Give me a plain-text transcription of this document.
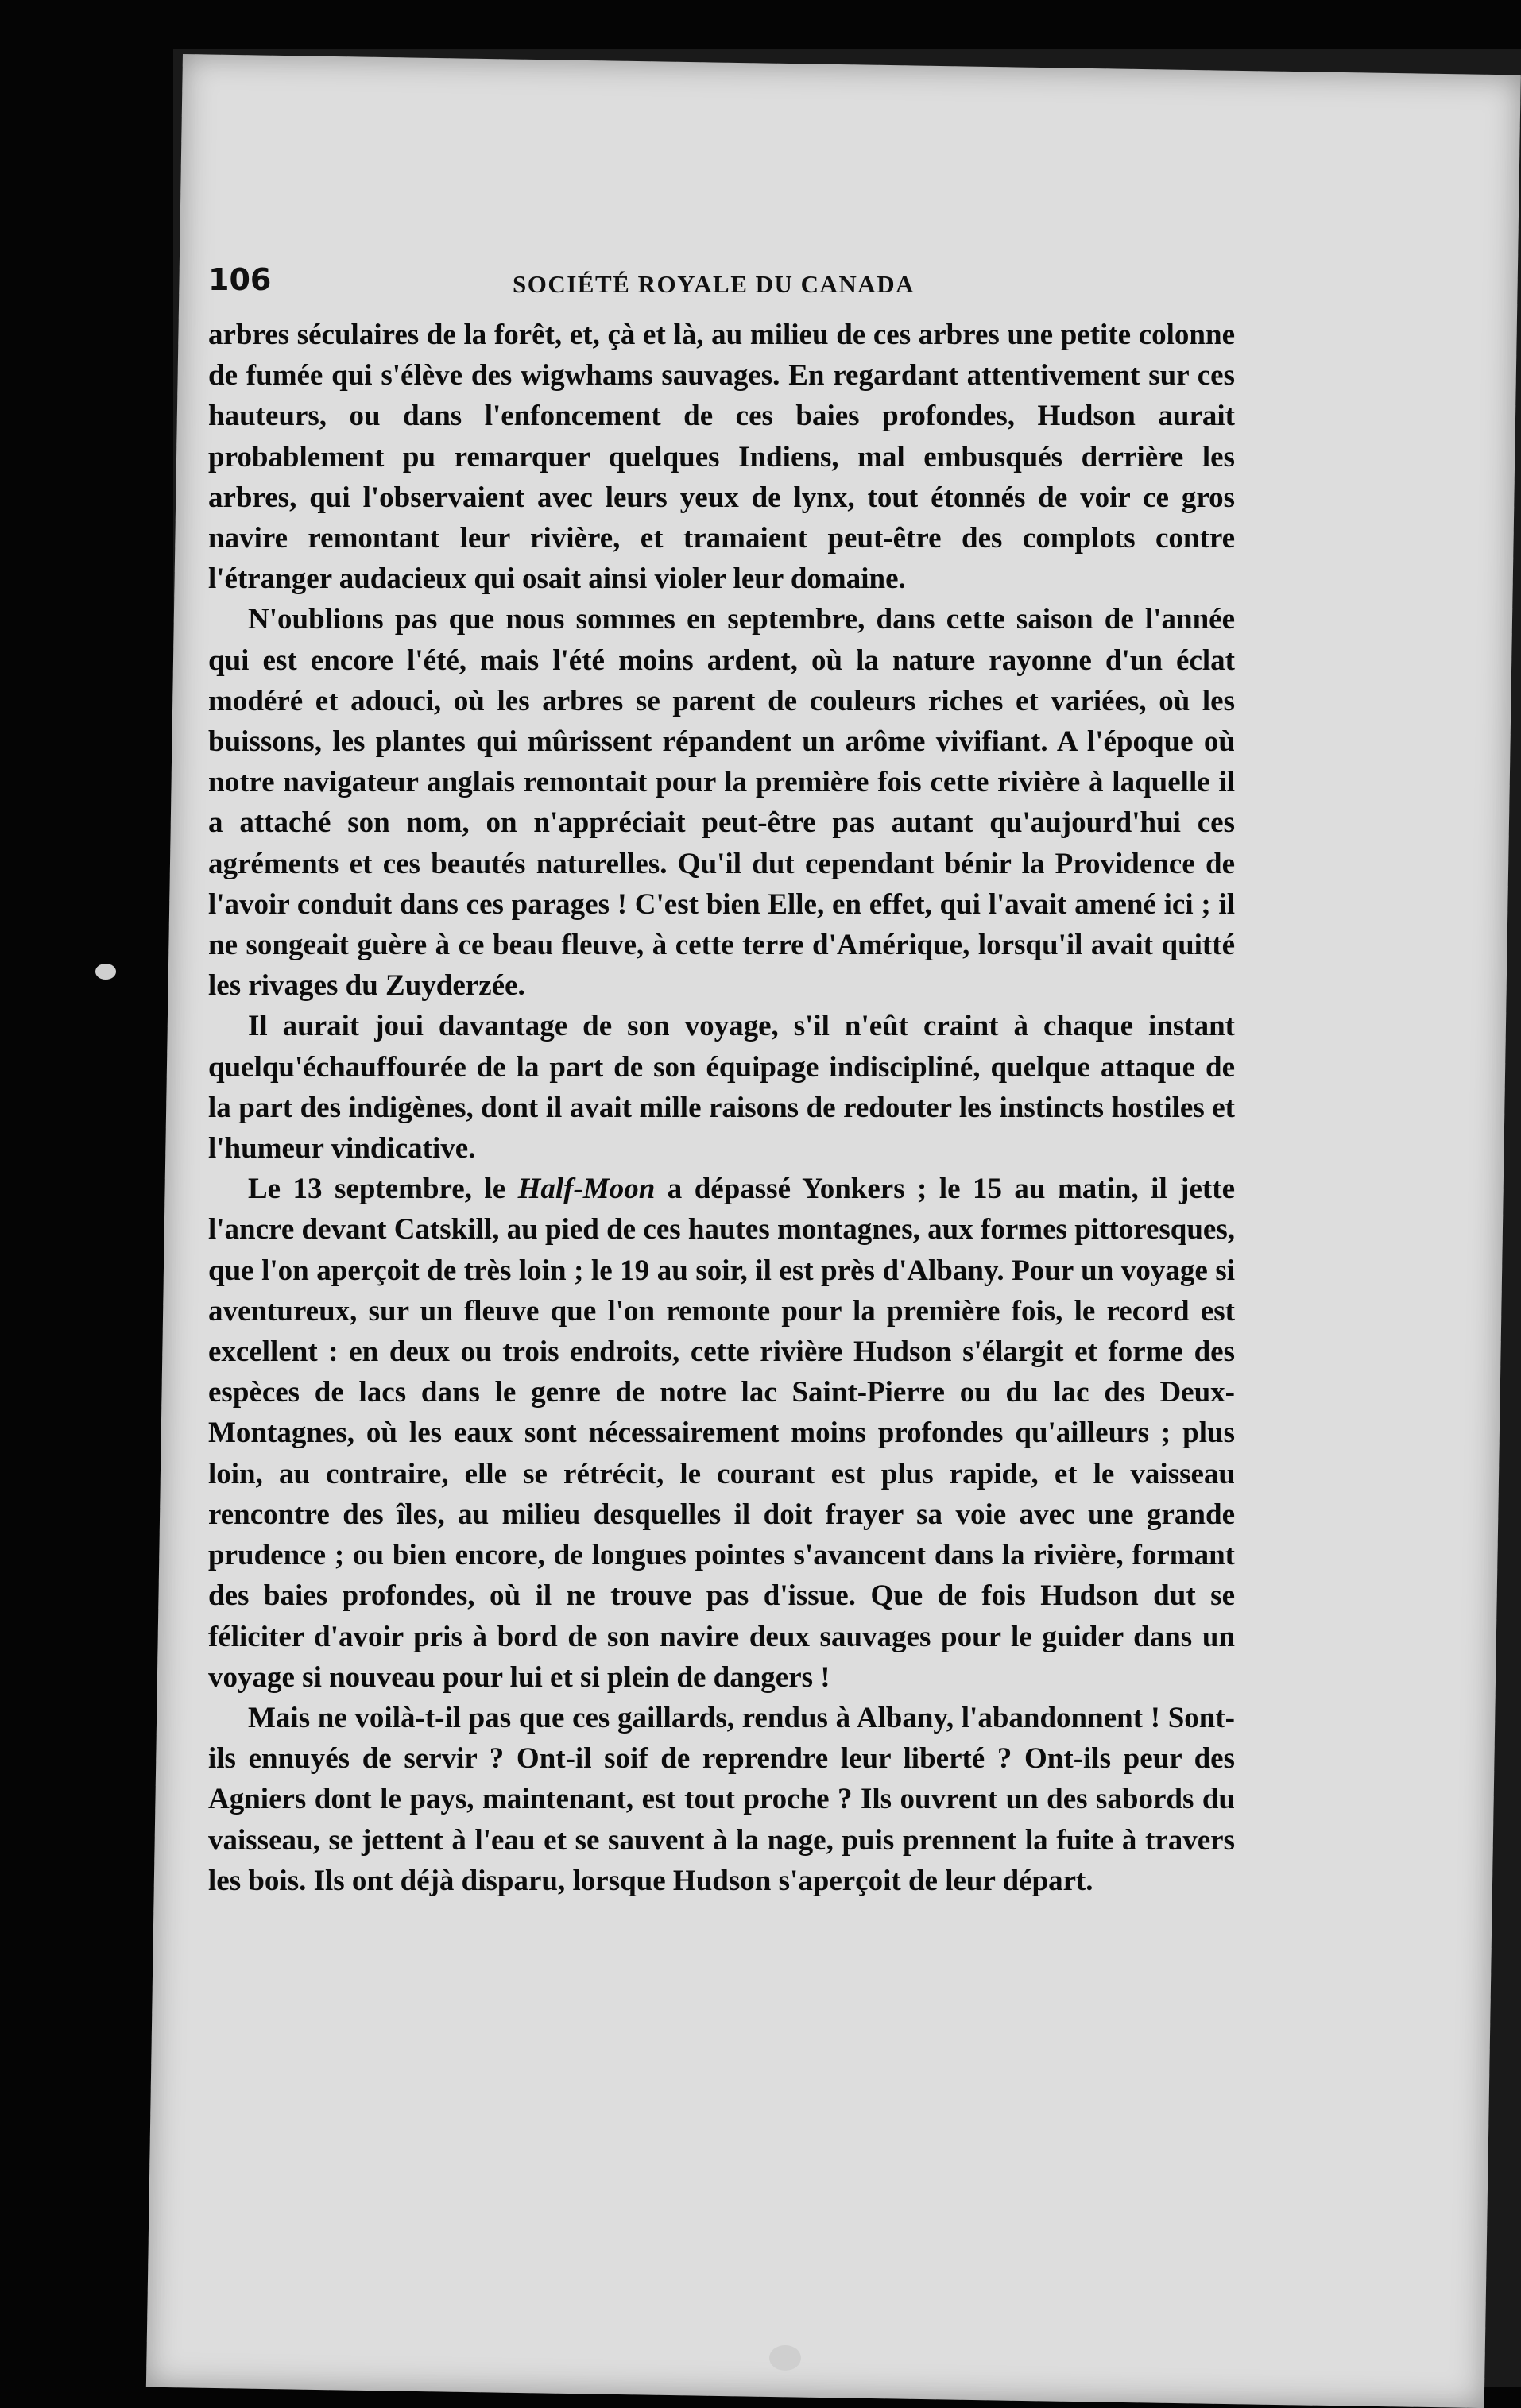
106	SOCIÉTÉ ROYALE DU CANADA

arbres séculaires de la forêt, et, çà et là, au milieu de ces arbres une petite colonne de fumée qui s'élève des wigwhams sauvages. En regardant attentivement sur ces hauteurs, ou dans l'enfoncement de ces baies profondes, Hudson aurait probablement pu remarquer quelques Indiens, mal embusqués derrière les arbres, qui l'observaient avec leurs yeux de lynx, tout étonnés de voir ce gros navire remontant leur rivière, et tramaient peut-être des complots contre l'étranger audacieux qui osait ainsi violer leur domaine.

N'oublions pas que nous sommes en septembre, dans cette saison de l'année qui est encore l'été, mais l'été moins ardent, où la nature rayonne d'un éclat modéré et adouci, où les arbres se parent de couleurs riches et variées, où les buissons, les plantes qui mûrissent répandent un arôme vivifiant. A l'époque où notre navigateur anglais remontait pour la première fois cette rivière à laquelle il a attaché son nom, on n'appréciait peut-être pas autant qu'aujourd'hui ces agréments et ces beautés naturelles. Qu'il dut cependant bénir la Providence de l'avoir conduit dans ces parages ! C'est bien Elle, en effet, qui l'avait amené ici ; il ne songeait guère à ce beau fleuve, à cette terre d'Amérique, lorsqu'il avait quitté les rivages du Zuyderzée.

Il aurait joui davantage de son voyage, s'il n'eût craint à chaque instant quelqu'échauffourée de la part de son équipage indiscipliné, quelque attaque de la part des indigènes, dont il avait mille raisons de redouter les instincts hostiles et l'humeur vindicative.

Le 13 septembre, le Half-Moon a dépassé Yonkers ; le 15 au matin, il jette l'ancre devant Catskill, au pied de ces hautes montagnes, aux formes pittoresques, que l'on aperçoit de très loin ; le 19 au soir, il est près d'Albany. Pour un voyage si aventureux, sur un fleuve que l'on remonte pour la première fois, le record est excellent : en deux ou trois endroits, cette rivière Hudson s'élargit et forme des espèces de lacs dans le genre de notre lac Saint-Pierre ou du lac des Deux-Montagnes, où les eaux sont nécessairement moins profondes qu'ailleurs ; plus loin, au contraire, elle se rétrécit, le courant est plus rapide, et le vaisseau rencontre des îles, au milieu desquelles il doit frayer sa voie avec une grande prudence ; ou bien encore, de longues pointes s'avancent dans la rivière, formant des baies profondes, où il ne trouve pas d'issue. Que de fois Hudson dut se féliciter d'avoir pris à bord de son navire deux sauvages pour le guider dans un voyage si nouveau pour lui et si plein de dangers !

Mais ne voilà-t-il pas que ces gaillards, rendus à Albany, l'abandonnent ! Sont-ils ennuyés de servir ? Ont-il soif de reprendre leur liberté ? Ont-ils peur des Agniers dont le pays, maintenant, est tout proche ? Ils ouvrent un des sabords du vaisseau, se jettent à l'eau et se sauvent à la nage, puis prennent la fuite à travers les bois. Ils ont déjà disparu, lorsque Hudson s'aperçoit de leur départ.
